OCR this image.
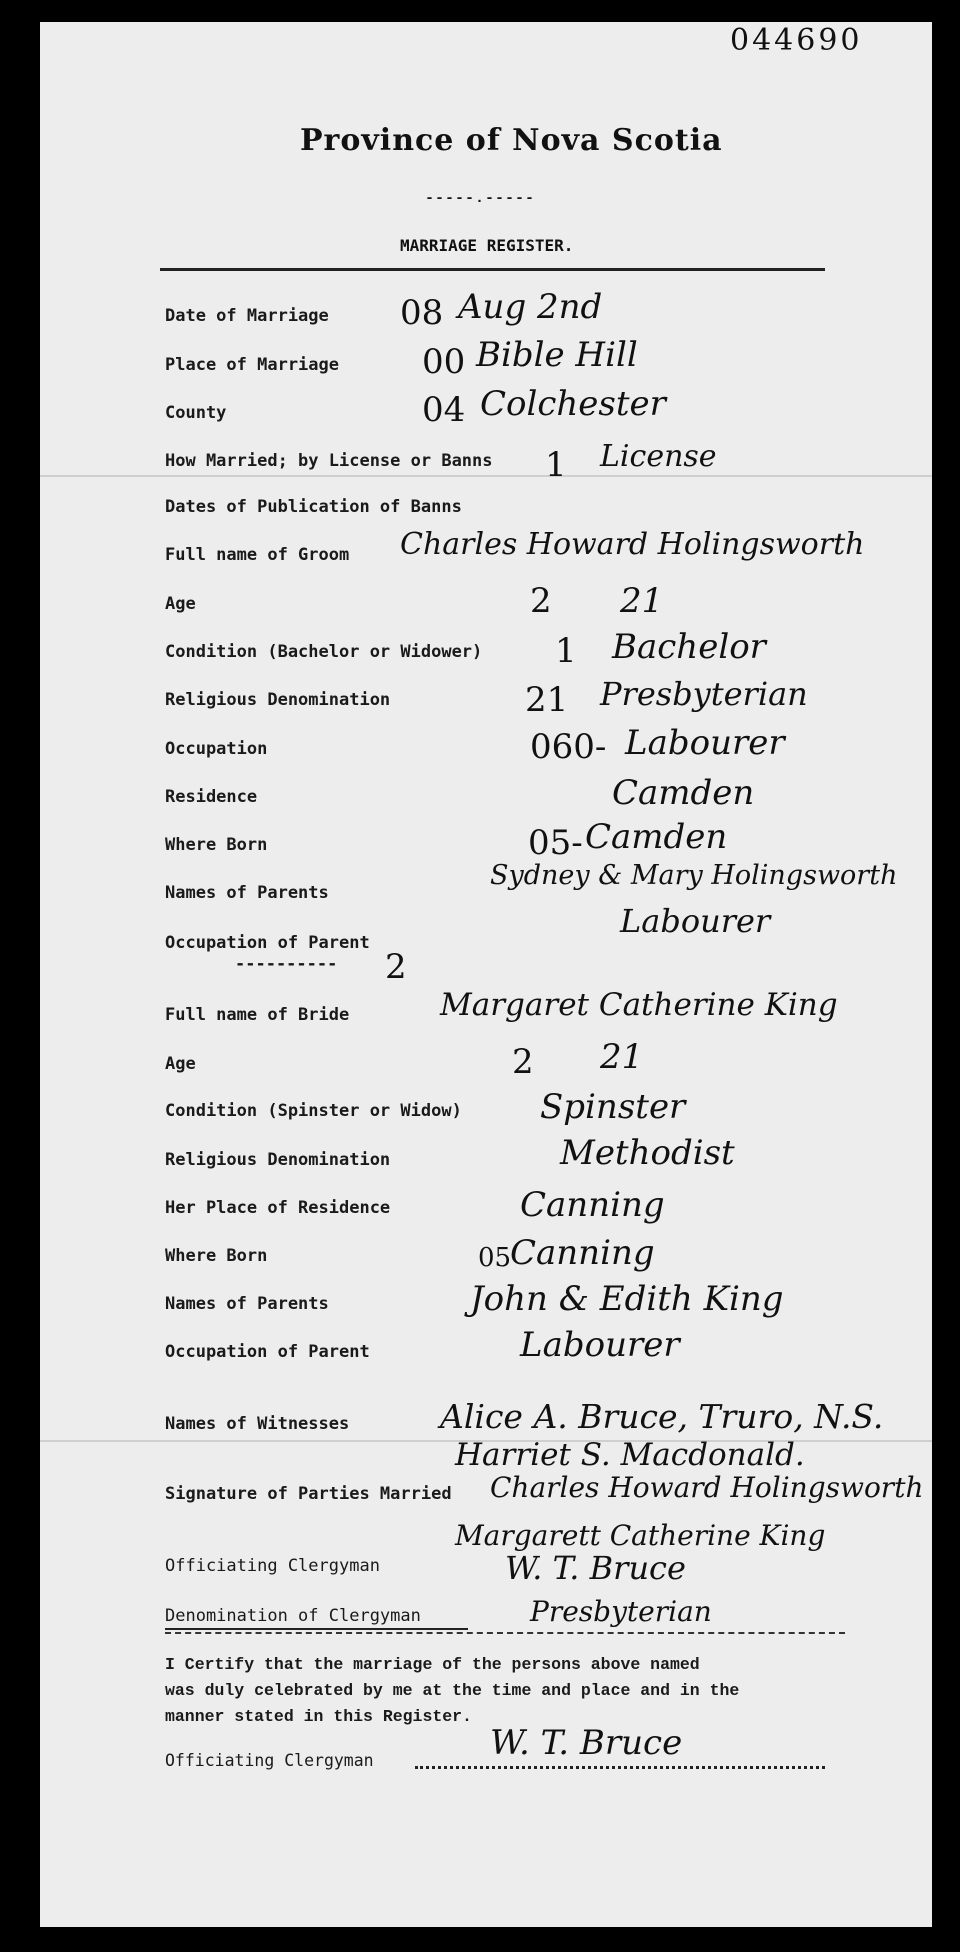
044690
Province of Nova Scotia
-----.-----
MARRIAGE REGISTER.
Date of Marriage
Place of Marriage
County
How Married; by License or Banns
Dates of Publication of Banns
Full name of Groom
Age
Condition (Bachelor or Widower)
Religious Denomination
Occupation
Residence
Where Born
Names of Parents
Occupation of Parent
----------
Full name of Bride
Age
Condition (Spinster or Widow)
Religious Denomination
Her Place of Residence
Where Born
Names of Parents
Occupation of Parent
Names of Witnesses
Signature of Parties Married
Officiating Clergyman
Denomination of Clergyman
08
00
04
1
2
1
21
060-
05-
2
2
05
Aug 2nd
Bible Hill
Colchester
License
Charles Howard Holingsworth
21
Bachelor
Presbyterian
Labourer
Camden
Camden
Sydney & Mary Holingsworth
Labourer
Margaret Catherine King
21
Spinster
Methodist
Canning
Canning
John & Edith King
Labourer
Alice A. Bruce, Truro, N.S.
Harriet S. Macdonald.
Charles Howard Holingsworth
Margarett Catherine King
W. T. Bruce
Presbyterian
I Certify that the marriage of the persons above named
was duly celebrated by me at the time and place and in the
manner stated in this Register.
Officiating Clergyman	W. T. Bruce
